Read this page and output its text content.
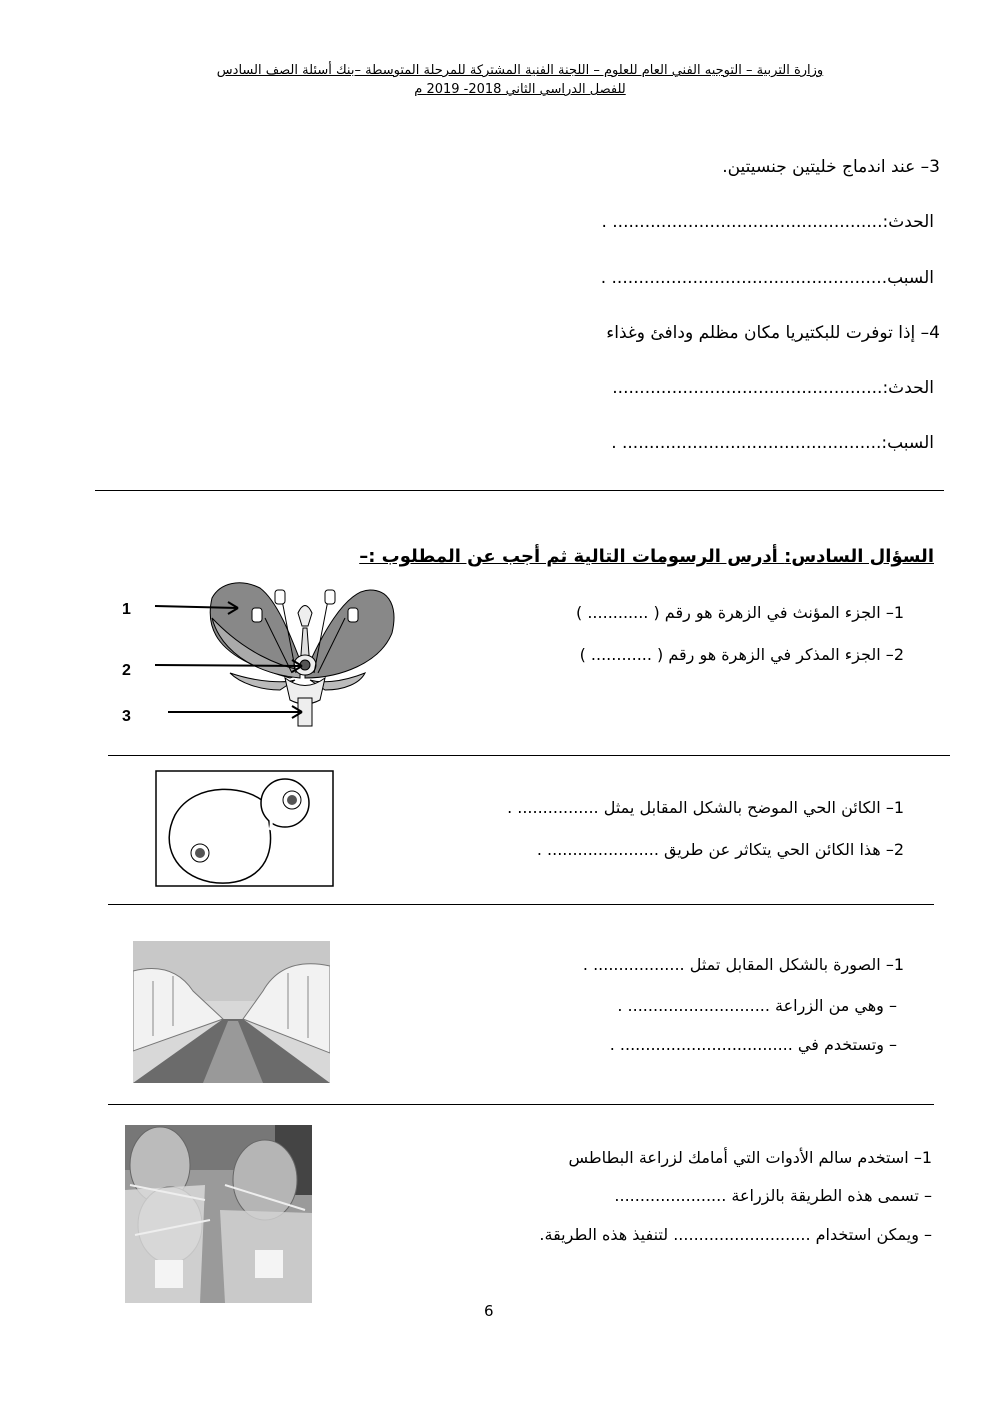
وزارة التربية – التوجيه الفني العام للعلوم – اللجنة الفنية المشتركة للمرحلة المتوسطة –بنك أسئلة الصف السادس
للفصل الدراسي الثاني 2018- 2019 م
3– عند اندماج خليتين جنسيتين.
الحدث:.................................................. .
السبب................................................... .
4– إذا توفرت للبكتيريا مكان مظلم ودافئ وغذاء
الحدث:..................................................
السبب:................................................ .
السؤال السادس: أدرس الرسومات التالية ثم أجب عن المطلوب :–
1
2
3
1– الجزء المؤنث في الزهرة هو رقم ( ............ )
2– الجزء المذكر في الزهرة هو رقم ( ............ )
1– الكائن الحي الموضح بالشكل المقابل يمثل ................ .
2– هذا الكائن الحي يتكاثر عن طريق ...................... .
1– الصورة بالشكل المقابل تمثل .................. .
– وهي من الزراعة ............................ .
– وتستخدم في .................................. .
1– استخدم سالم الأدوات التي أمامك لزراعة البطاطس
– تسمى هذه الطريقة بالزراعة ......................
– ويمكن استخدام ........................... لتنفيذ هذه الطريقة.
6
